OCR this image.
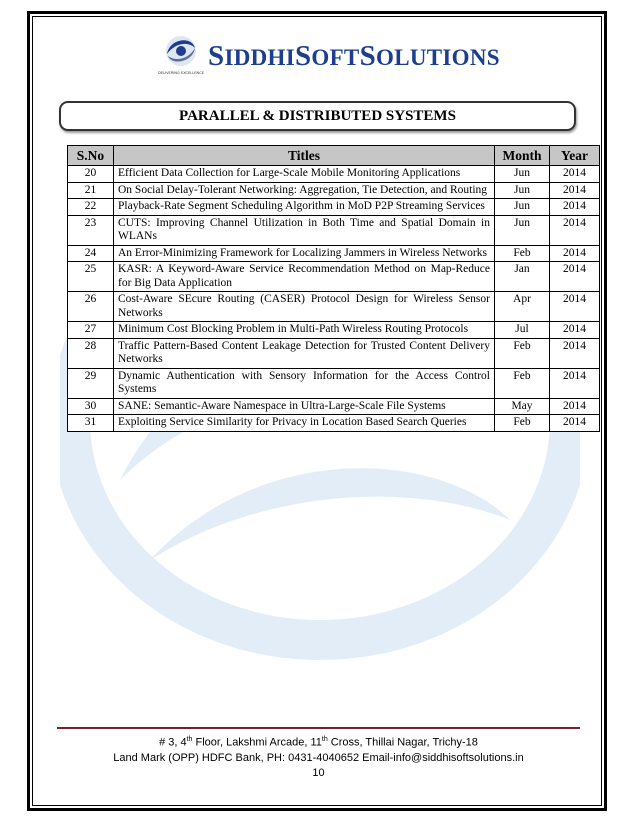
DELIVERING EXCELLENCE
SIDDHISOFTSOLUTIONS
PARALLEL & DISTRIBUTED SYSTEMS
S.No	Titles	Month	Year
20	Efficient Data Collection for Large-Scale Mobile Monitoring Applications	Jun	2014
21	On Social Delay-Tolerant Networking: Aggregation, Tie Detection, and Routing	Jun	2014
22	Playback-Rate Segment Scheduling Algorithm in MoD P2P Streaming Services	Jun	2014
23	CUTS: Improving Channel Utilization in Both Time and Spatial Domain in WLANs	Jun	2014
24	An Error-Minimizing Framework for Localizing Jammers in Wireless Networks	Feb	2014
25	KASR: A Keyword-Aware Service Recommendation Method on Map-Reduce for Big Data Application	Jan	2014
26	Cost-Aware SEcure Routing (CASER) Protocol Design for Wireless Sensor Networks	Apr	2014
27	Minimum Cost Blocking Problem in Multi-Path Wireless Routing Protocols	Jul	2014
28	Traffic Pattern-Based Content Leakage Detection for Trusted Content Delivery Networks	Feb	2014
29	Dynamic Authentication with Sensory Information for the Access Control Systems	Feb	2014
30	SANE: Semantic-Aware Namespace in Ultra-Large-Scale File Systems	May	2014
31	Exploiting Service Similarity for Privacy in Location Based Search Queries	Feb	2014
# 3, 4th Floor, Lakshmi Arcade, 11th Cross, Thillai Nagar, Trichy-18
Land Mark (OPP) HDFC Bank, PH: 0431-4040652 Email-info@siddhisoftsolutions.in
10
